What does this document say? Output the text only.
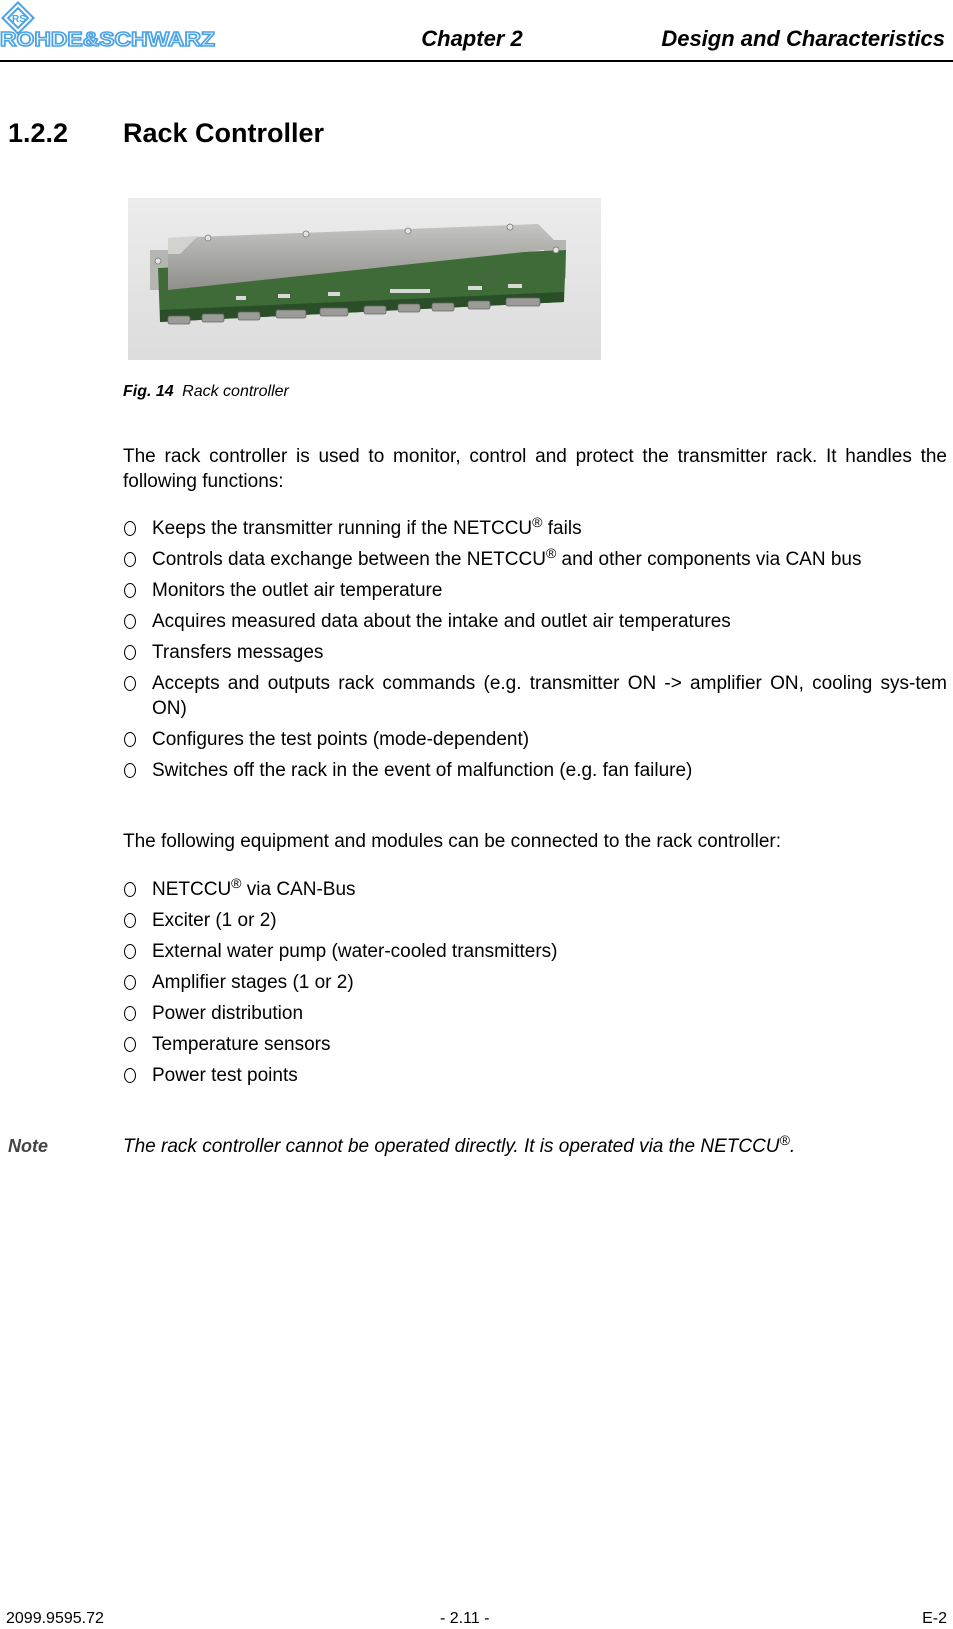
RS
ROHDE&SCHWARZ	Chapter 2	Design and Characteristics
1.2.2 Rack Controller
Fig. 14 Rack controller

The rack controller is used to monitor, control and protect the transmitter rack. It handles the following functions:

Keeps the transmitter running if the NETCCU® fails
Controls data exchange between the NETCCU® and other components via CAN bus
Monitors the outlet air temperature
Acquires measured data about the intake and outlet air temperatures
Transfers messages
Accepts and outputs rack commands (e.g. transmitter ON -> amplifier ON, cooling sys-tem ON)
Configures the test points (mode-dependent)
Switches off the rack in the event of malfunction (e.g. fan failure)

The following equipment and modules can be connected to the rack controller:

NETCCU® via CAN-Bus
Exciter (1 or 2)
External water pump (water-cooled transmitters)
Amplifier stages (1 or 2)
Power distribution
Temperature sensors
Power test points
Note	The rack controller cannot be operated directly. It is operated via the NETCCU®.
2099.9595.72	- 2.11 -	E-2
